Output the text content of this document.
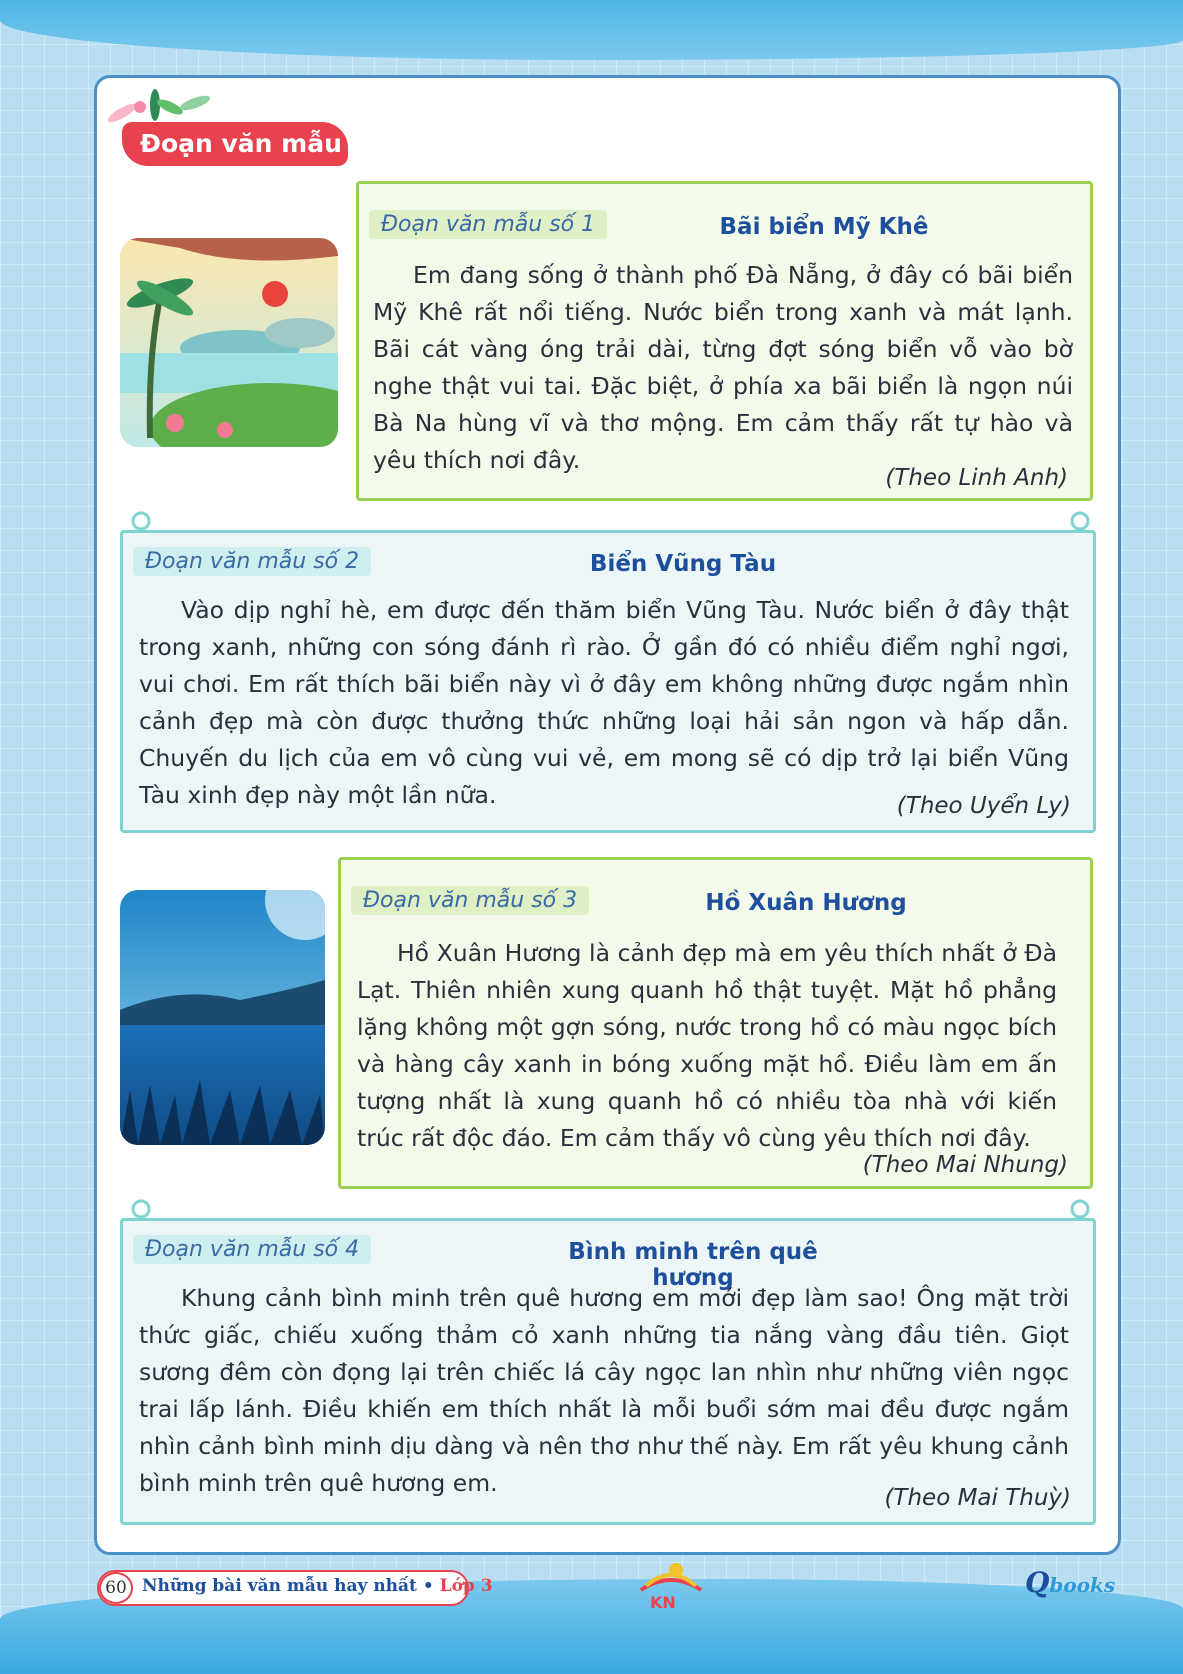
Đoạn văn mẫu
Đoạn văn mẫu số 1	Bãi biển Mỹ Khê
Em đang sống ở thành phố Đà Nẵng, ở đây có bãi biển Mỹ Khê rất nổi tiếng. Nước biển trong xanh và mát lạnh. Bãi cát vàng óng trải dài, từng đợt sóng biển vỗ vào bờ nghe thật vui tai. Đặc biệt, ở phía xa bãi biển là ngọn núi Bà Na hùng vĩ và thơ mộng. Em cảm thấy rất tự hào và yêu thích nơi đây.
(Theo Linh Anh)
Đoạn văn mẫu số 2	Biển Vũng Tàu
Vào dịp nghỉ hè, em được đến thăm biển Vũng Tàu. Nước biển ở đây thật trong xanh, những con sóng đánh rì rào. Ở gần đó có nhiều điểm nghỉ ngơi, vui chơi. Em rất thích bãi biển này vì ở đây em không những được ngắm nhìn cảnh đẹp mà còn được thưởng thức những loại hải sản ngon và hấp dẫn. Chuyến du lịch của em vô cùng vui vẻ, em mong sẽ có dịp trở lại biển Vũng Tàu xinh đẹp này một lần nữa.	(Theo Uyển Ly)
Đoạn văn mẫu số 3	Hồ Xuân Hương
Hồ Xuân Hương là cảnh đẹp mà em yêu thích nhất ở Đà Lạt. Thiên nhiên xung quanh hồ thật tuyệt. Mặt hồ phẳng lặng không một gợn sóng, nước trong hồ có màu ngọc bích và hàng cây xanh in bóng xuống mặt hồ. Điều làm em ấn tượng nhất là xung quanh hồ có nhiều tòa nhà với kiến trúc rất độc đáo. Em cảm thấy vô cùng yêu thích nơi đây.
(Theo Mai Nhung)
Đoạn văn mẫu số 4	Bình minh trên quê hương
Khung cảnh bình minh trên quê hương em mới đẹp làm sao! Ông mặt trời thức giấc, chiếu xuống thảm cỏ xanh những tia nắng vàng đầu tiên. Giọt sương đêm còn đọng lại trên chiếc lá cây ngọc lan nhìn như những viên ngọc trai lấp lánh. Điều khiến em thích nhất là mỗi buổi sớm mai đều được ngắm nhìn cảnh bình minh dịu dàng và nên thơ như thế này. Em rất yêu khung cảnh bình minh trên quê hương em.
(Theo Mai Thuỳ)
60 Những bài văn mẫu hay nhất • Lớp 3
KN
Qbooks
